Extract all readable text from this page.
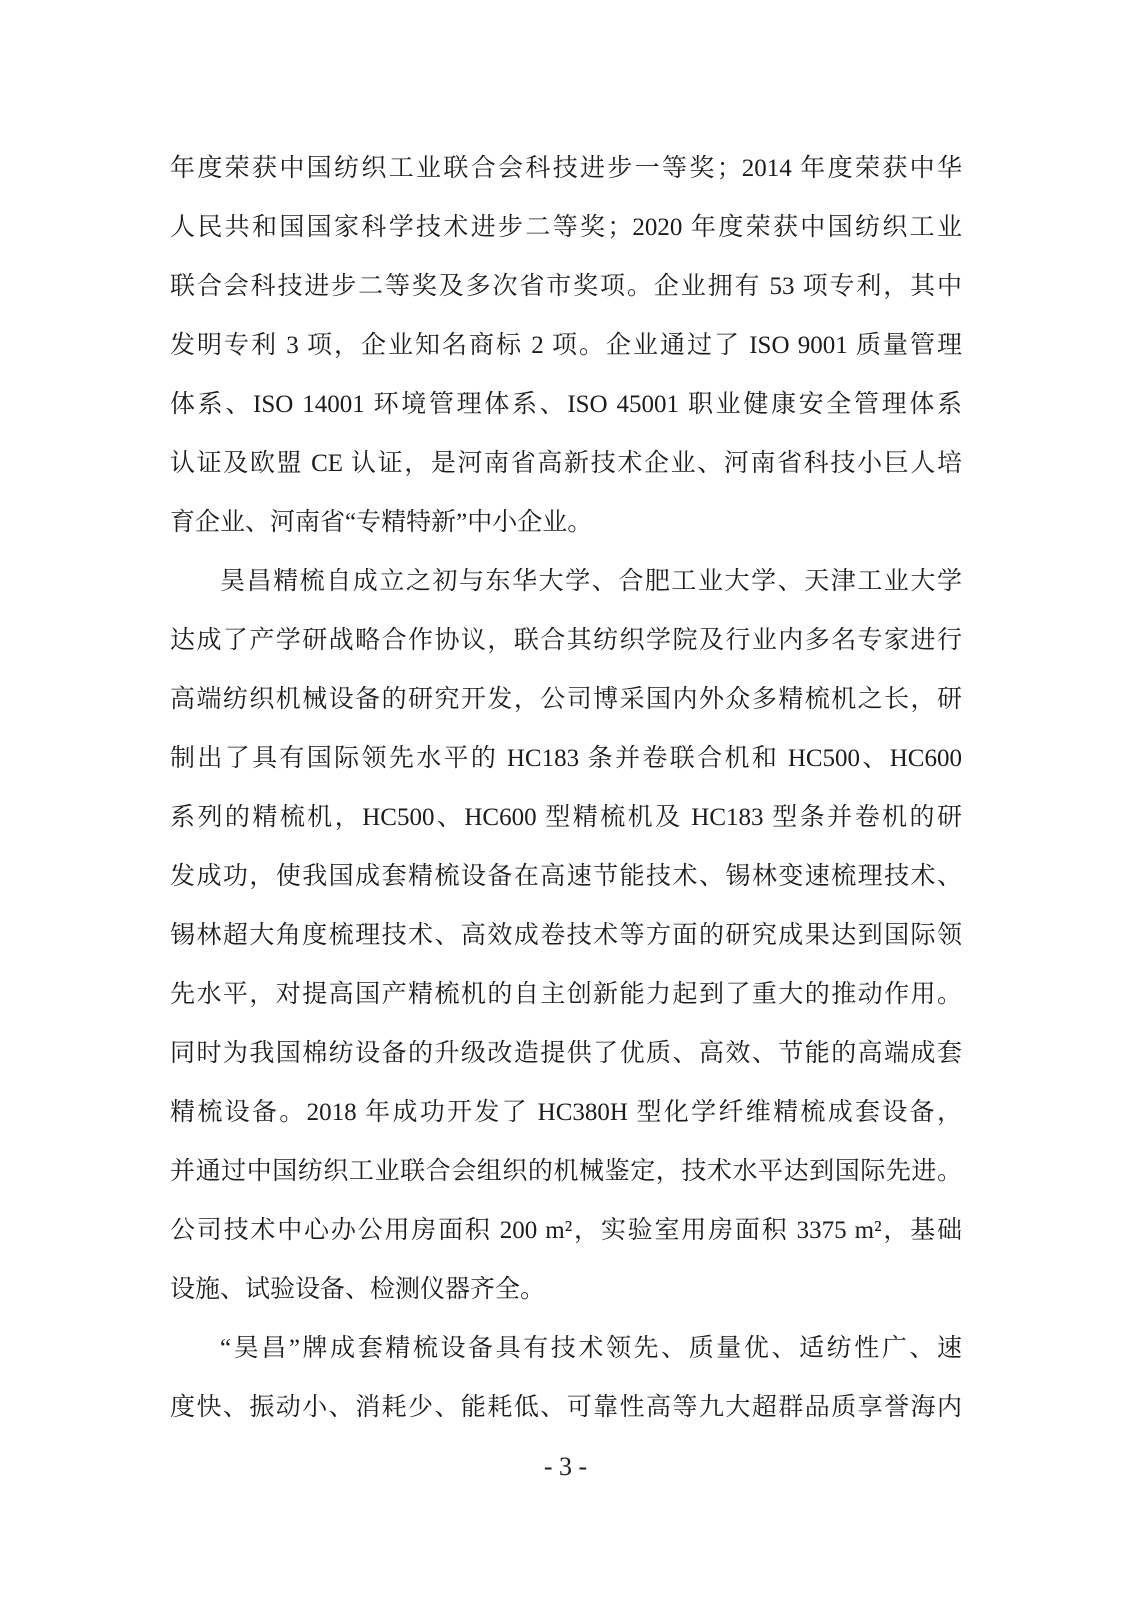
年度荣获中国纺织工业联合会科技进步一等奖；2014 年度荣获中华
人民共和国国家科学技术进步二等奖；2020 年度荣获中国纺织工业
联合会科技进步二等奖及多次省市奖项。企业拥有 53 项专利，其中
发明专利 3 项，企业知名商标 2 项。企业通过了 ISO 9001 质量管理
体系、ISO 14001 环境管理体系、ISO 45001 职业健康安全管理体系
认证及欧盟 CE 认证，是河南省高新技术企业、河南省科技小巨人培
育企业、河南省“专精特新”中小企业。
昊昌精梳自成立之初与东华大学、合肥工业大学、天津工业大学
达成了产学研战略合作协议，联合其纺织学院及行业内多名专家进行
高端纺织机械设备的研究开发，公司博采国内外众多精梳机之长，研
制出了具有国际领先水平的 HC183 条并卷联合机和 HC500、HC600
系列的精梳机，HC500、HC600 型精梳机及 HC183 型条并卷机的研
发成功，使我国成套精梳设备在高速节能技术、锡林变速梳理技术、
锡林超大角度梳理技术、高效成卷技术等方面的研究成果达到国际领
先水平，对提高国产精梳机的自主创新能力起到了重大的推动作用。
同时为我国棉纺设备的升级改造提供了优质、高效、节能的高端成套
精梳设备。2018 年成功开发了 HC380H 型化学纤维精梳成套设备，
并通过中国纺织工业联合会组织的机械鉴定，技术水平达到国际先进。
公司技术中心办公用房面积 200 m²，实验室用房面积 3375 m²，基础
设施、试验设备、检测仪器齐全。
“昊昌”牌成套精梳设备具有技术领先、质量优、适纺性广、速
度快、振动小、消耗少、能耗低、可靠性高等九大超群品质享誉海内
- 3 -
